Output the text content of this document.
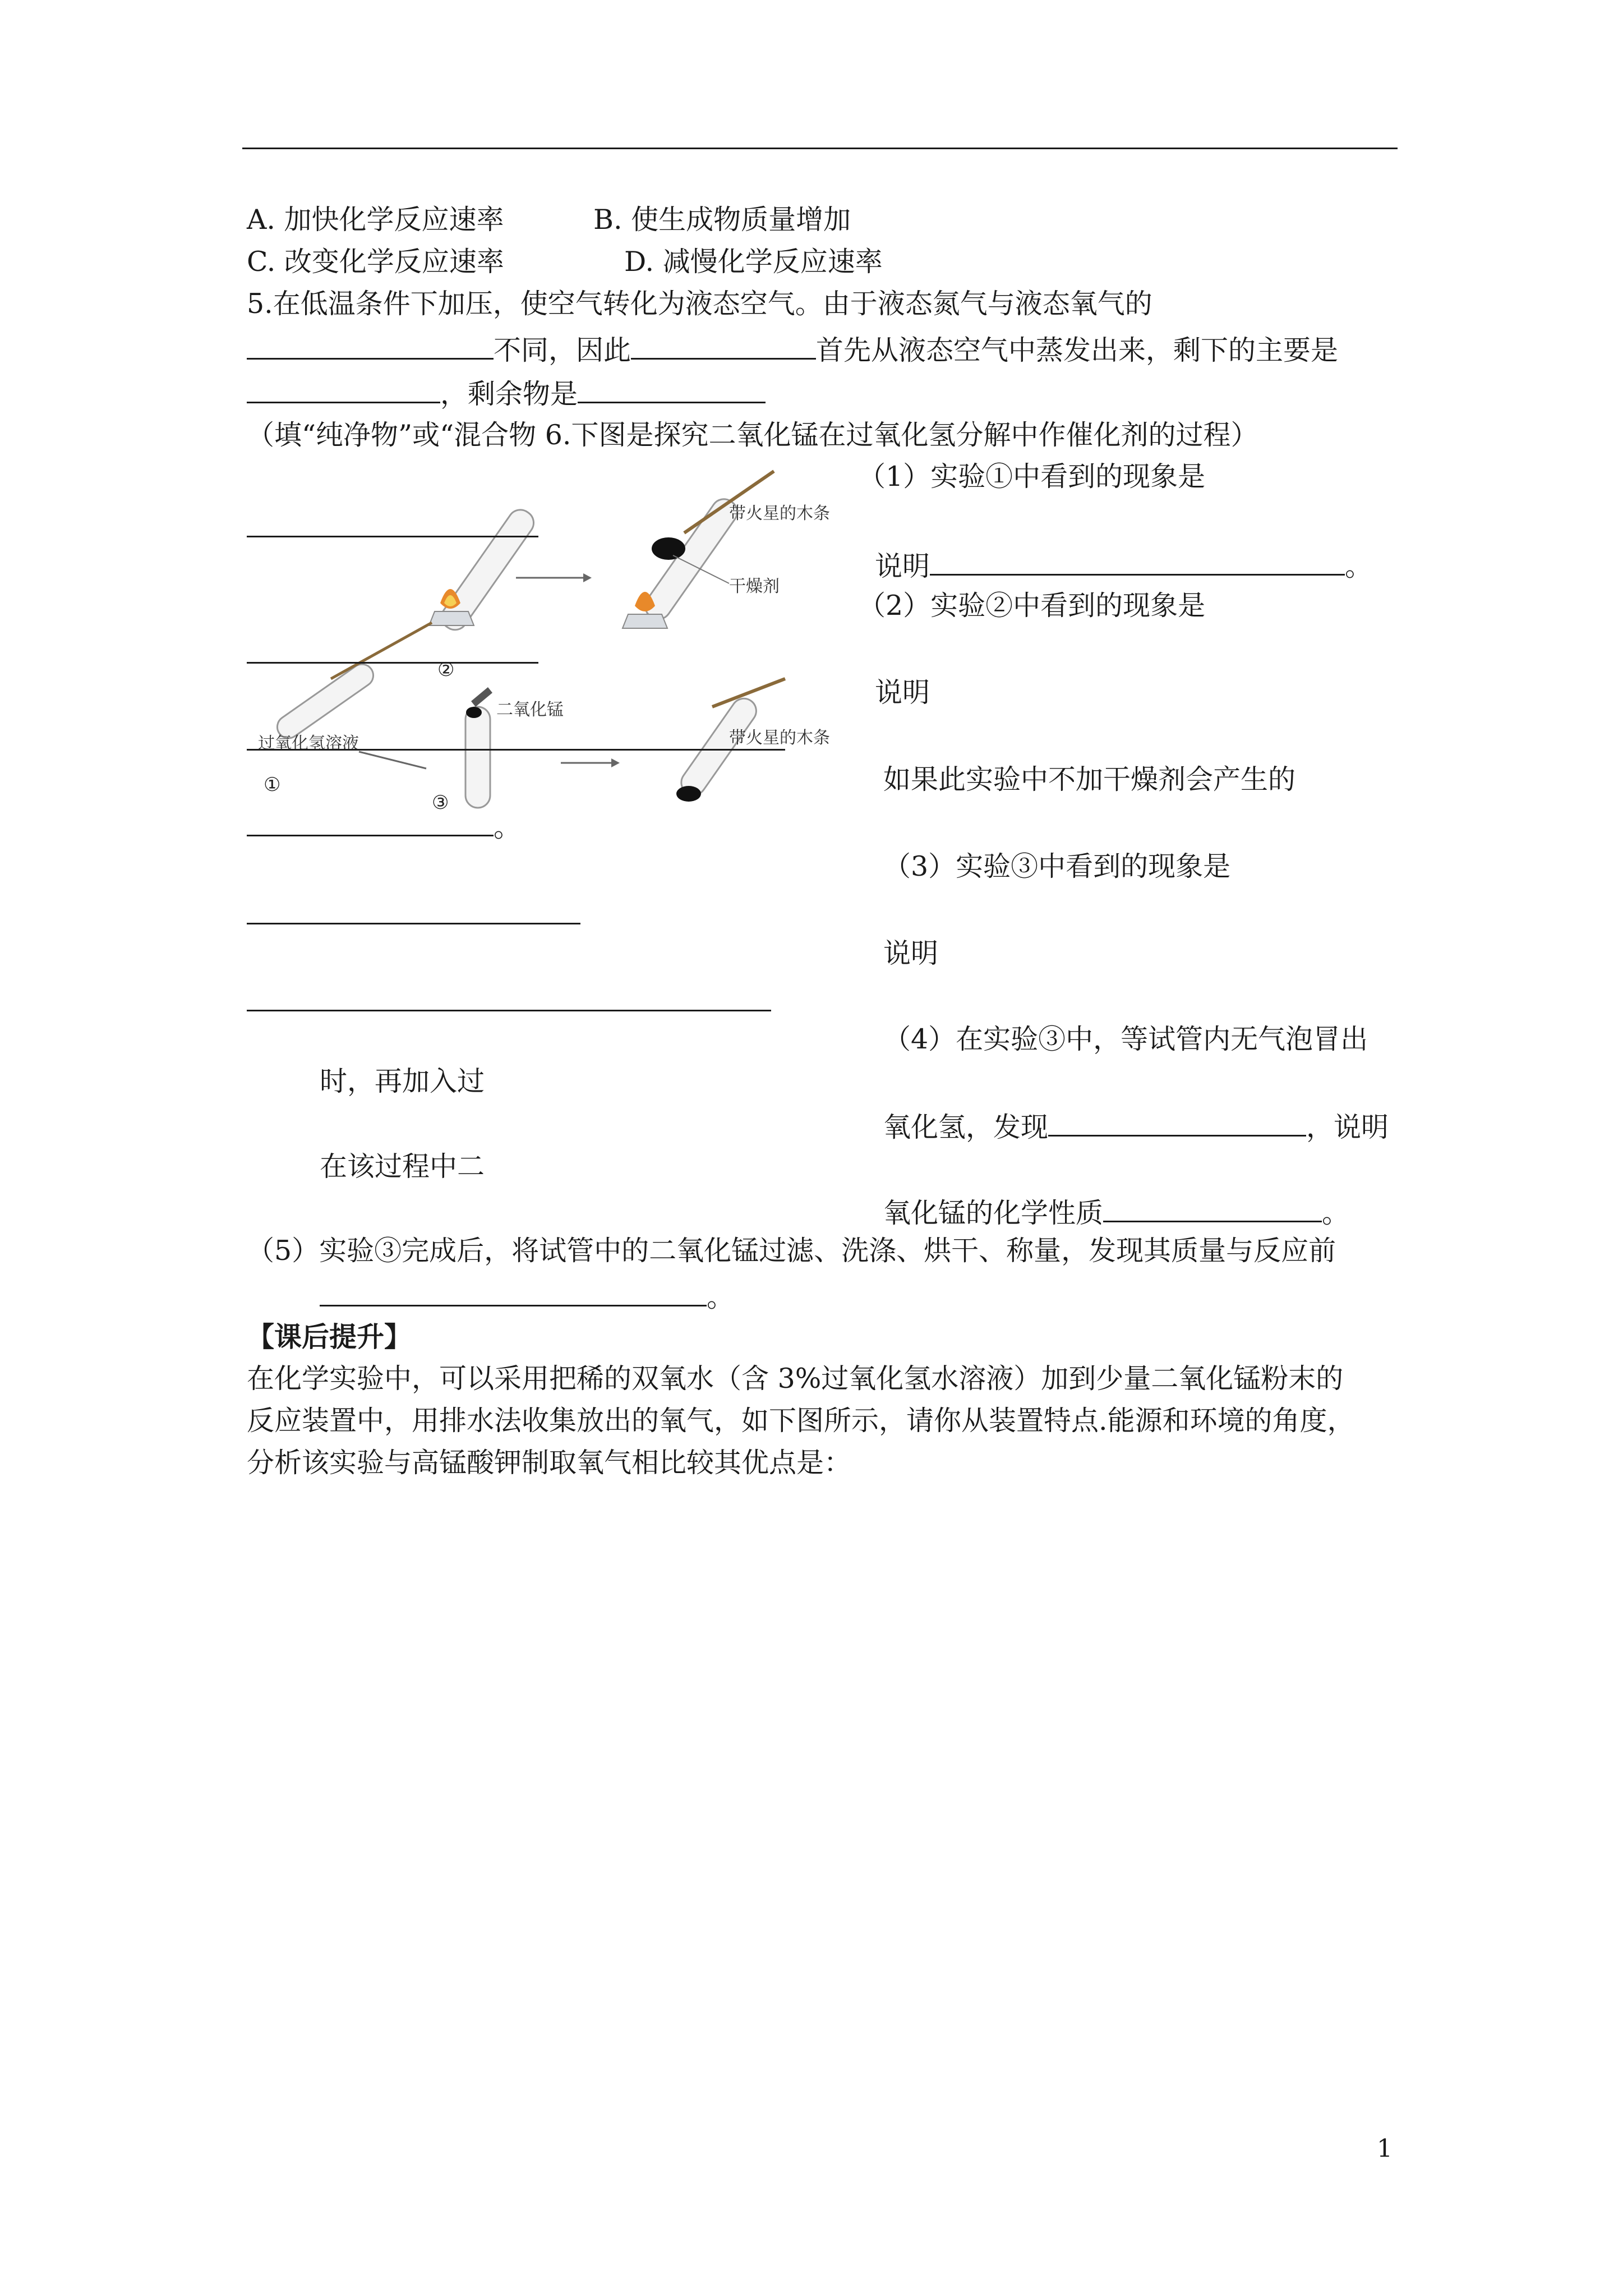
A. 加快化学反应速率	B. 使生成物质量增加
C. 改变化学反应速率	D. 减慢化学反应速率
5.在低温条件下加压，使空气转化为液态空气。由于液态氮气与液态氧气的
不同，因此	首先从液态空气中蒸发出来，剩下的主要是
，剩余物是
（填“纯净物”或“混合物 6.下图是探究二氧化锰在过氧化氢分解中作催化剂的过程）
带火星的木条
干燥剂
②
二氧化锰
过氧化氢溶液
①
③
带火星的木条
。
（1）实验①中看到的现象是
说明	。
（2）实验②中看到的现象是
说明
如果此实验中不加干燥剂会产生的
（3）实验③中看到的现象是
说明
（4）在实验③中，等试管内无气泡冒出
时，再加入过
氧化氢，发现	，说明
在该过程中二
氧化锰的化学性质	。
（5）实验③完成后，将试管中的二氧化锰过滤、洗涤、烘干、称量，发现其质量与反应前
。
【课后提升】
在化学实验中，可以采用把稀的双氧水（含 3%过氧化氢水溶液）加到少量二氧化锰粉末的
反应装置中，用排水法收集放出的氧气，如下图所示，请你从装置特点.能源和环境的角度，
分析该实验与高锰酸钾制取氧气相比较其优点是：
1
